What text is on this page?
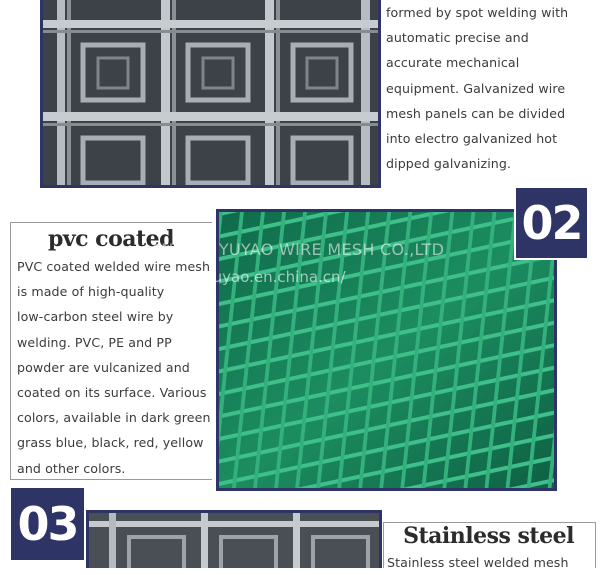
formed by spot welding with
automatic precise and
accurate mechanical
equipment. Galvanized wire
mesh panels can be divided
into electro galvanized hot
dipped galvanizing.
pvc coated
PVC coated welded wire mesh
is made of high-quality
low-carbon steel wire by
welding. PVC, PE and PP
powder are vulcanized and
coated on its surface. Various
colors, available in dark green
grass blue, black, red, yellow
and other colors.
02
03	Stainless steel
Stainless steel welded mesh
ANPING YUYAO WIRE MESH CO.,LTD
https://yuyao.en.china.cn/
